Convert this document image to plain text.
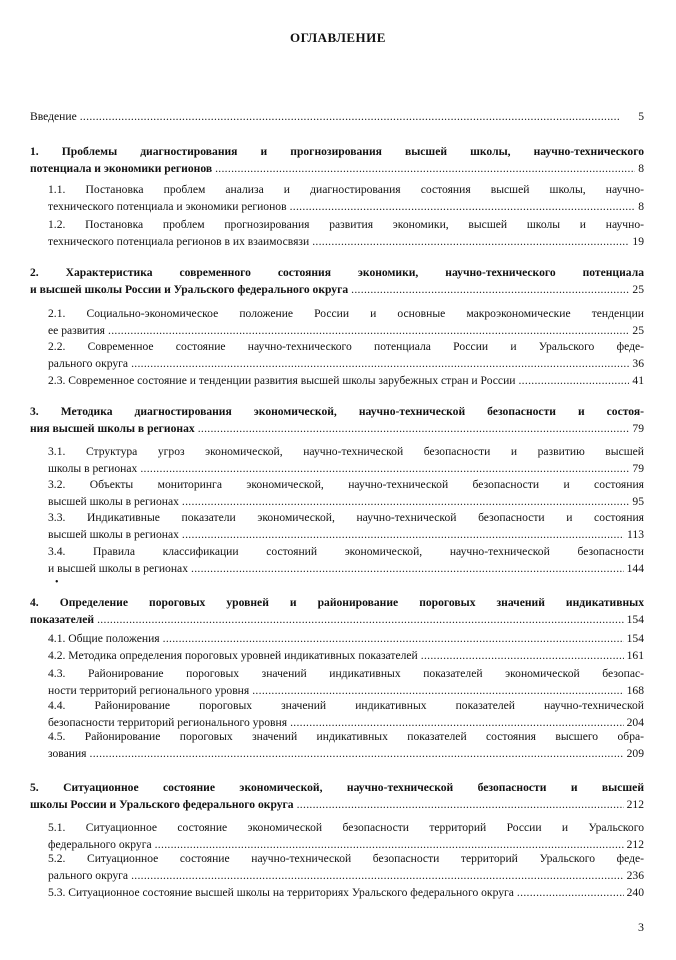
ОГЛАВЛЕНИЕ
Введение . . .	5
1. Проблемы диагностирования и прогнозирования высшей школы, научно-технического
потенциала и экономики регионов . . .	8
1.1. Постановка проблем анализа и диагностирования состояния высшей школы, научно-
технического потенциала и экономики регионов . . .	8
1.2. Постановка проблем прогнозирования развития экономики, высшей школы и научно-
технического потенциала регионов в их взаимосвязи . . .	19
2. Характеристика современного состояния экономики, научно-технического потенциала
и высшей школы России и Уральского федерального округа . . .	25
2.1. Социально-экономическое положение России и основные макроэкономические тенденции
ее развития . . .	25
2.2. Современное состояние научно-технического потенциала России и Уральского феде-
рального округа . . .	36
2.3. Современное состояние и тенденции развития высшей школы зарубежных стран и России . . .	41
3. Методика диагностирования экономической, научно-технической безопасности и состоя-
ния высшей школы в регионах . . .	79
3.1. Структура угроз экономической, научно-технической безопасности и развитию высшей
школы в регионах . . .	79
3.2. Объекты мониторинга экономической, научно-технической безопасности и состояния
высшей школы в регионах . . .	95
3.3. Индикативные показатели экономической, научно-технической безопасности и состояния
высшей школы в регионах . . .	113
3.4. Правила классификации состояний экономической, научно-технической безопасности
и высшей школы в регионах . . .	144
4. Определение пороговых уровней и районирование пороговых значений индикативных
показателей . . .	154
4.1. Общие положения . . .	154
4.2. Методика определения пороговых уровней индикативных показателей . . .	161
4.3. Районирование пороговых значений индикативных показателей экономической безопас-
ности территорий регионального уровня . . .	168
4.4. Районирование пороговых значений индикативных показателей научно-технической
безопасности территорий регионального уровня . . .	204
4.5. Районирование пороговых значений индикативных показателей состояния высшего обра-
зования . . .	209
5. Ситуационное состояние экономической, научно-технической безопасности и высшей
школы России и Уральского федерального округа . . .	212
5.1. Ситуационное состояние экономической безопасности территорий России и Уральского
федерального округа . . .	212
5.2. Ситуационное состояние научно-технической безопасности территорий Уральского феде-
рального округа . . .	236
5.3. Ситуационное состояние высшей школы на территориях Уральского федерального округа . . .	240
•
3
